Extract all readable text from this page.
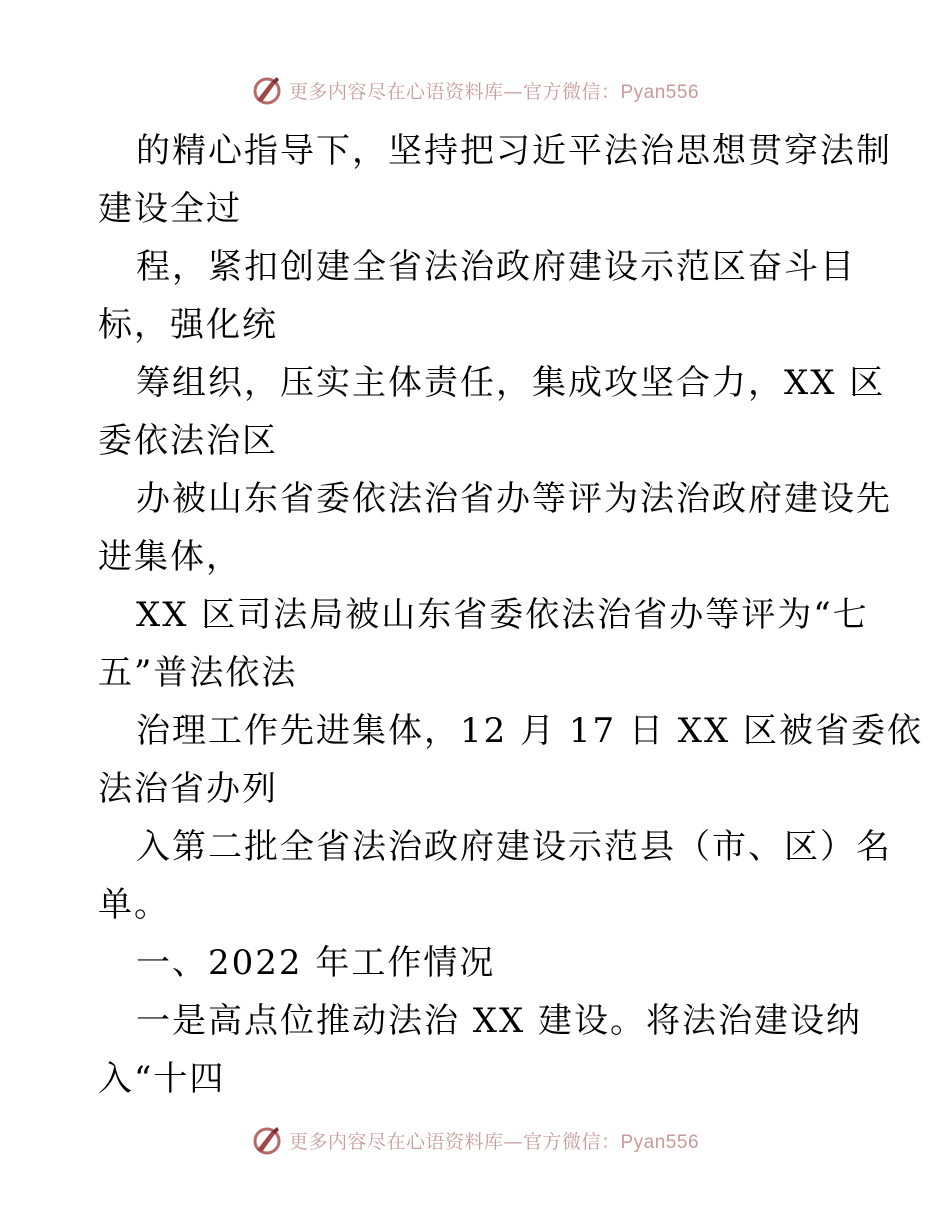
更多内容尽在心语资料库—官方微信：Pyan556
的精心指导下，坚持把习近平法治思想贯穿法制
建设全过
程，紧扣创建全省法治政府建设示范区奋斗目
标，强化统
筹组织，压实主体责任，集成攻坚合力，XX 区
委依法治区
办被山东省委依法治省办等评为法治政府建设先
进集体，
XX 区司法局被山东省委依法治省办等评为“七
五”普法依法
治理工作先进集体，12 月 17 日 XX 区被省委依
法治省办列
入第二批全省法治政府建设示范县（市、区）名
单。
一、2022 年工作情况
一是高点位推动法治 XX 建设。将法治建设纳
入“十四
更多内容尽在心语资料库—官方微信：Pyan556
